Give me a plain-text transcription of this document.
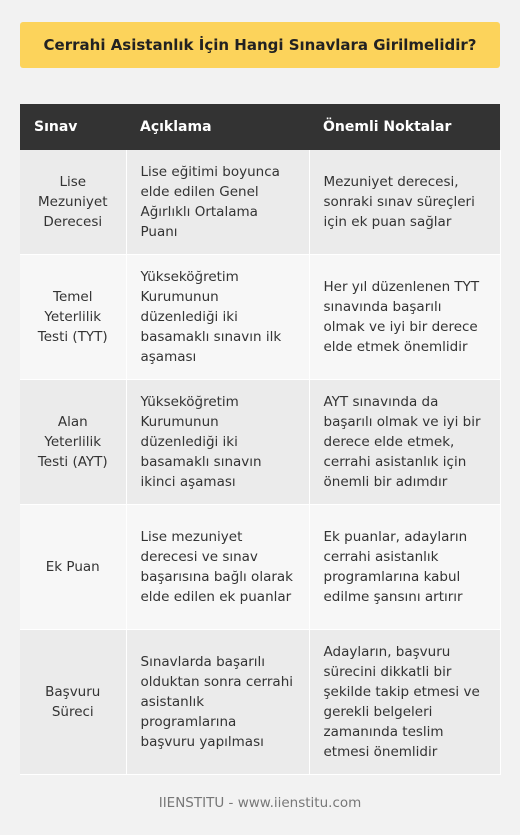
Cerrahi Asistanlık İçin Hangi Sınavlara Girilmelidir?
Sınav	Açıklama	Önemli Noktalar
Lise Mezuniyet Derecesi	Lise eğitimi boyunca elde edilen Genel Ağırlıklı Ortalama Puanı	Mezuniyet derecesi, sonraki sınav süreçleri için ek puan sağlar
Temel Yeterlilik Testi (TYT)	Yükseköğretim Kurumunun düzenlediği iki basamaklı sınavın ilk aşaması	Her yıl düzenlenen TYT sınavında başarılı olmak ve iyi bir derece elde etmek önemlidir
Alan Yeterlilik Testi (AYT)	Yükseköğretim Kurumunun düzenlediği iki basamaklı sınavın ikinci aşaması	AYT sınavında da başarılı olmak ve iyi bir derece elde etmek, cerrahi asistanlık için önemli bir adımdır
Ek Puan	Lise mezuniyet derecesi ve sınav başarısına bağlı olarak elde edilen ek puanlar	Ek puanlar, adayların cerrahi asistanlık programlarına kabul edilme şansını artırır
Başvuru Süreci	Sınavlarda başarılı olduktan sonra cerrahi asistanlık programlarına başvuru yapılması	Adayların, başvuru sürecini dikkatli bir şekilde takip etmesi ve gerekli belgeleri zamanında teslim etmesi önemlidir
IIENSTITU - www.iienstitu.com
